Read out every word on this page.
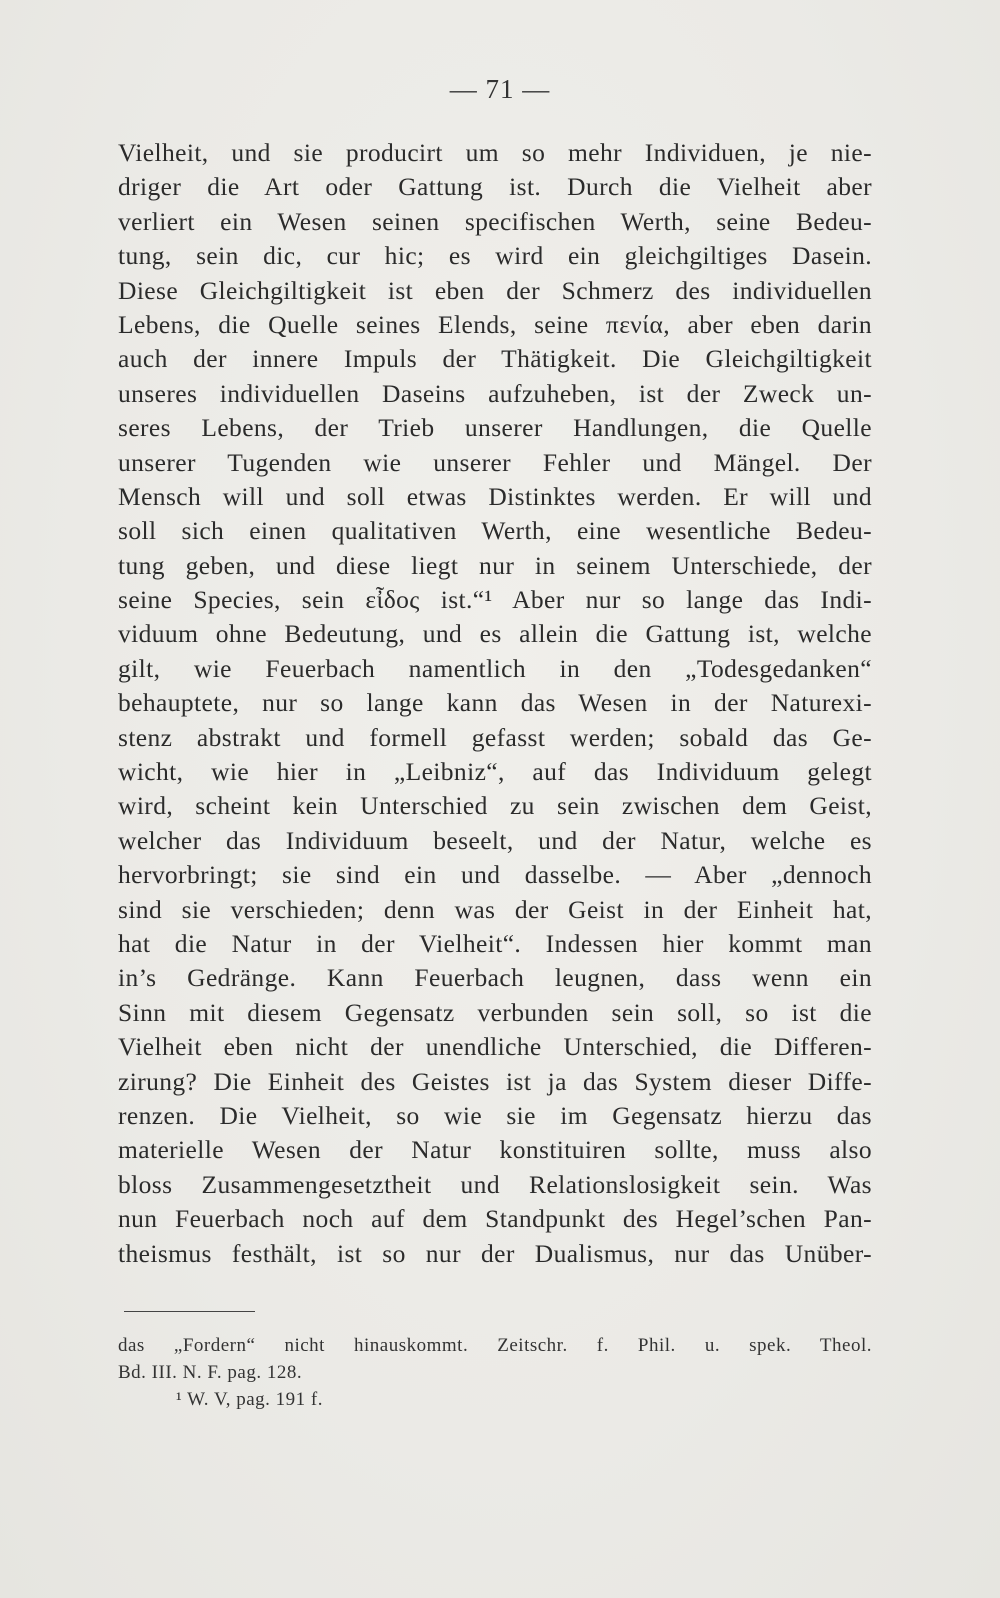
— 71 —
Vielheit, und sie producirt um so mehr Individuen, je nie-
driger die Art oder Gattung ist. Durch die Vielheit aber
verliert ein Wesen seinen specifischen Werth, seine Bedeu-
tung, sein dic, cur hic; es wird ein gleichgiltiges Dasein.
Diese Gleichgiltigkeit ist eben der Schmerz des individuellen
Lebens, die Quelle seines Elends, seine πενία, aber eben darin
auch der innere Impuls der Thätigkeit. Die Gleichgiltigkeit
unseres individuellen Daseins aufzuheben, ist der Zweck un-
seres Lebens, der Trieb unserer Handlungen, die Quelle
unserer Tugenden wie unserer Fehler und Mängel. Der
Mensch will und soll etwas Distinktes werden. Er will und
soll sich einen qualitativen Werth, eine wesentliche Bedeu-
tung geben, und diese liegt nur in seinem Unterschiede, der
seine Species, sein εἶδος ist.“¹ Aber nur so lange das Indi-
viduum ohne Bedeutung, und es allein die Gattung ist, welche
gilt, wie Feuerbach namentlich in den „Todesgedanken“
behauptete, nur so lange kann das Wesen in der Naturexi-
stenz abstrakt und formell gefasst werden; sobald das Ge-
wicht, wie hier in „Leibniz“, auf das Individuum gelegt
wird, scheint kein Unterschied zu sein zwischen dem Geist,
welcher das Individuum beseelt, und der Natur, welche es
hervorbringt; sie sind ein und dasselbe. — Aber „dennoch
sind sie verschieden; denn was der Geist in der Einheit hat,
hat die Natur in der Vielheit“. Indessen hier kommt man
in’s Gedränge. Kann Feuerbach leugnen, dass wenn ein
Sinn mit diesem Gegensatz verbunden sein soll, so ist die
Vielheit eben nicht der unendliche Unterschied, die Differen-
zirung? Die Einheit des Geistes ist ja das System dieser Diffe-
renzen. Die Vielheit, so wie sie im Gegensatz hierzu das
materielle Wesen der Natur konstituiren sollte, muss also
bloss Zusammengesetztheit und Relationslosigkeit sein. Was
nun Feuerbach noch auf dem Standpunkt des Hegel’schen Pan-
theismus festhält, ist so nur der Dualismus, nur das Unüber-
das „Fordern“ nicht hinauskommt. Zeitschr. f. Phil. u. spek. Theol.
Bd. III. N. F. pag. 128.
¹ W. V, pag. 191 f.
